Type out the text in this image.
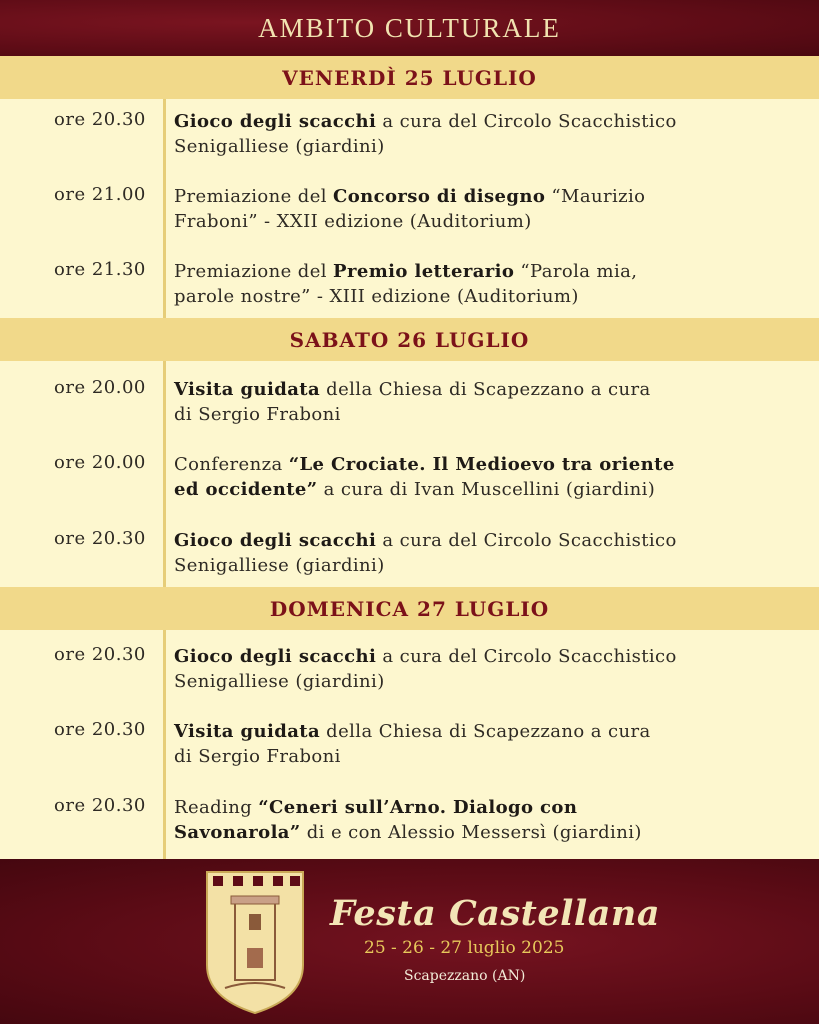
AMBITO CULTURALE
VENERDÌ 25 LUGLIO
ore 20.30	Gioco degli scacchi a cura del Circolo Scacchistico
Senigalliese (giardini)
ore 21.00	Premiazione del Concorso di disegno “Maurizio
Fraboni” - XXII edizione (Auditorium)
ore 21.30	Premiazione del Premio letterario “Parola mia,
parole nostre” - XIII edizione (Auditorium)
SABATO 26 LUGLIO
ore 20.00	Visita guidata della Chiesa di Scapezzano a cura
di Sergio Fraboni
ore 20.00	Conferenza “Le Crociate. Il Medioevo tra oriente
ed occidente” a cura di Ivan Muscellini (giardini)
ore 20.30	Gioco degli scacchi a cura del Circolo Scacchistico
Senigalliese (giardini)
DOMENICA 27 LUGLIO
ore 20.30	Gioco degli scacchi a cura del Circolo Scacchistico
Senigalliese (giardini)
ore 20.30	Visita guidata della Chiesa di Scapezzano a cura
di Sergio Fraboni
ore 20.30	Reading “Ceneri sull’Arno. Dialogo con
Savonarola” di e con Alessio Messersì (giardini)
Festa Castellana
25 - 26 - 27 luglio 2025
Scapezzano (AN)
